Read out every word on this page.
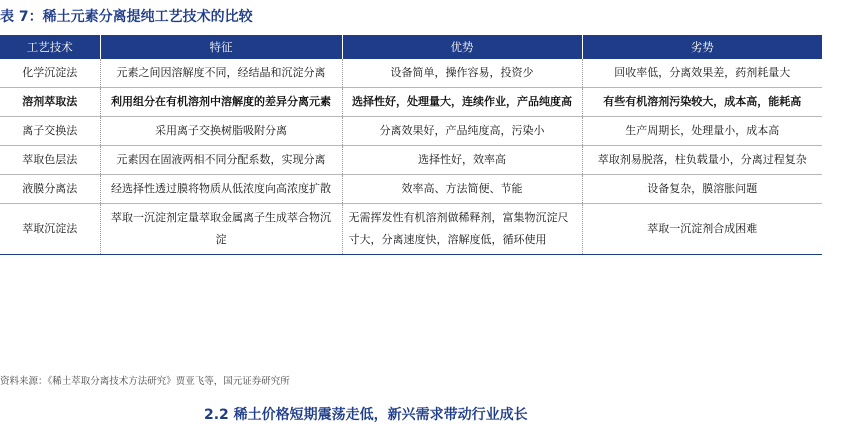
表 7：稀土元素分离提纯工艺技术的比较
工艺技术	特征	优势	劣势
化学沉淀法	元素之间因溶解度不同，经结晶和沉淀分离	设备简单，操作容易，投资少	回收率低，分离效果差，药剂耗量大
溶剂萃取法	利用组分在有机溶剂中溶解度的差异分离元素	选择性好，处理量大，连续作业，产品纯度高	有些有机溶剂污染较大，成本高，能耗高
离子交换法	采用离子交换树脂吸附分离	分离效果好，产品纯度高，污染小	生产周期长，处理量小，成本高
萃取色层法	元素因在固液两相不同分配系数，实现分离	选择性好，效率高	萃取剂易脱落，柱负载量小，分离过程复杂
液膜分离法	经选择性透过膜将物质从低浓度向高浓度扩散	效率高、方法简便、节能	设备复杂，膜溶胀问题
萃取沉淀法	萃取一沉淀剂定量萃取金属离子生成萃合物沉淀	无需挥发性有机溶剂做稀释剂，富集物沉淀尺寸大，分离速度快，溶解度低，循环使用	萃取一沉淀剂合成困难
资料来源：《稀土萃取分离技术方法研究》贾亚飞等，国元证券研究所
2.2 稀土价格短期震荡走低，新兴需求带动行业成长
